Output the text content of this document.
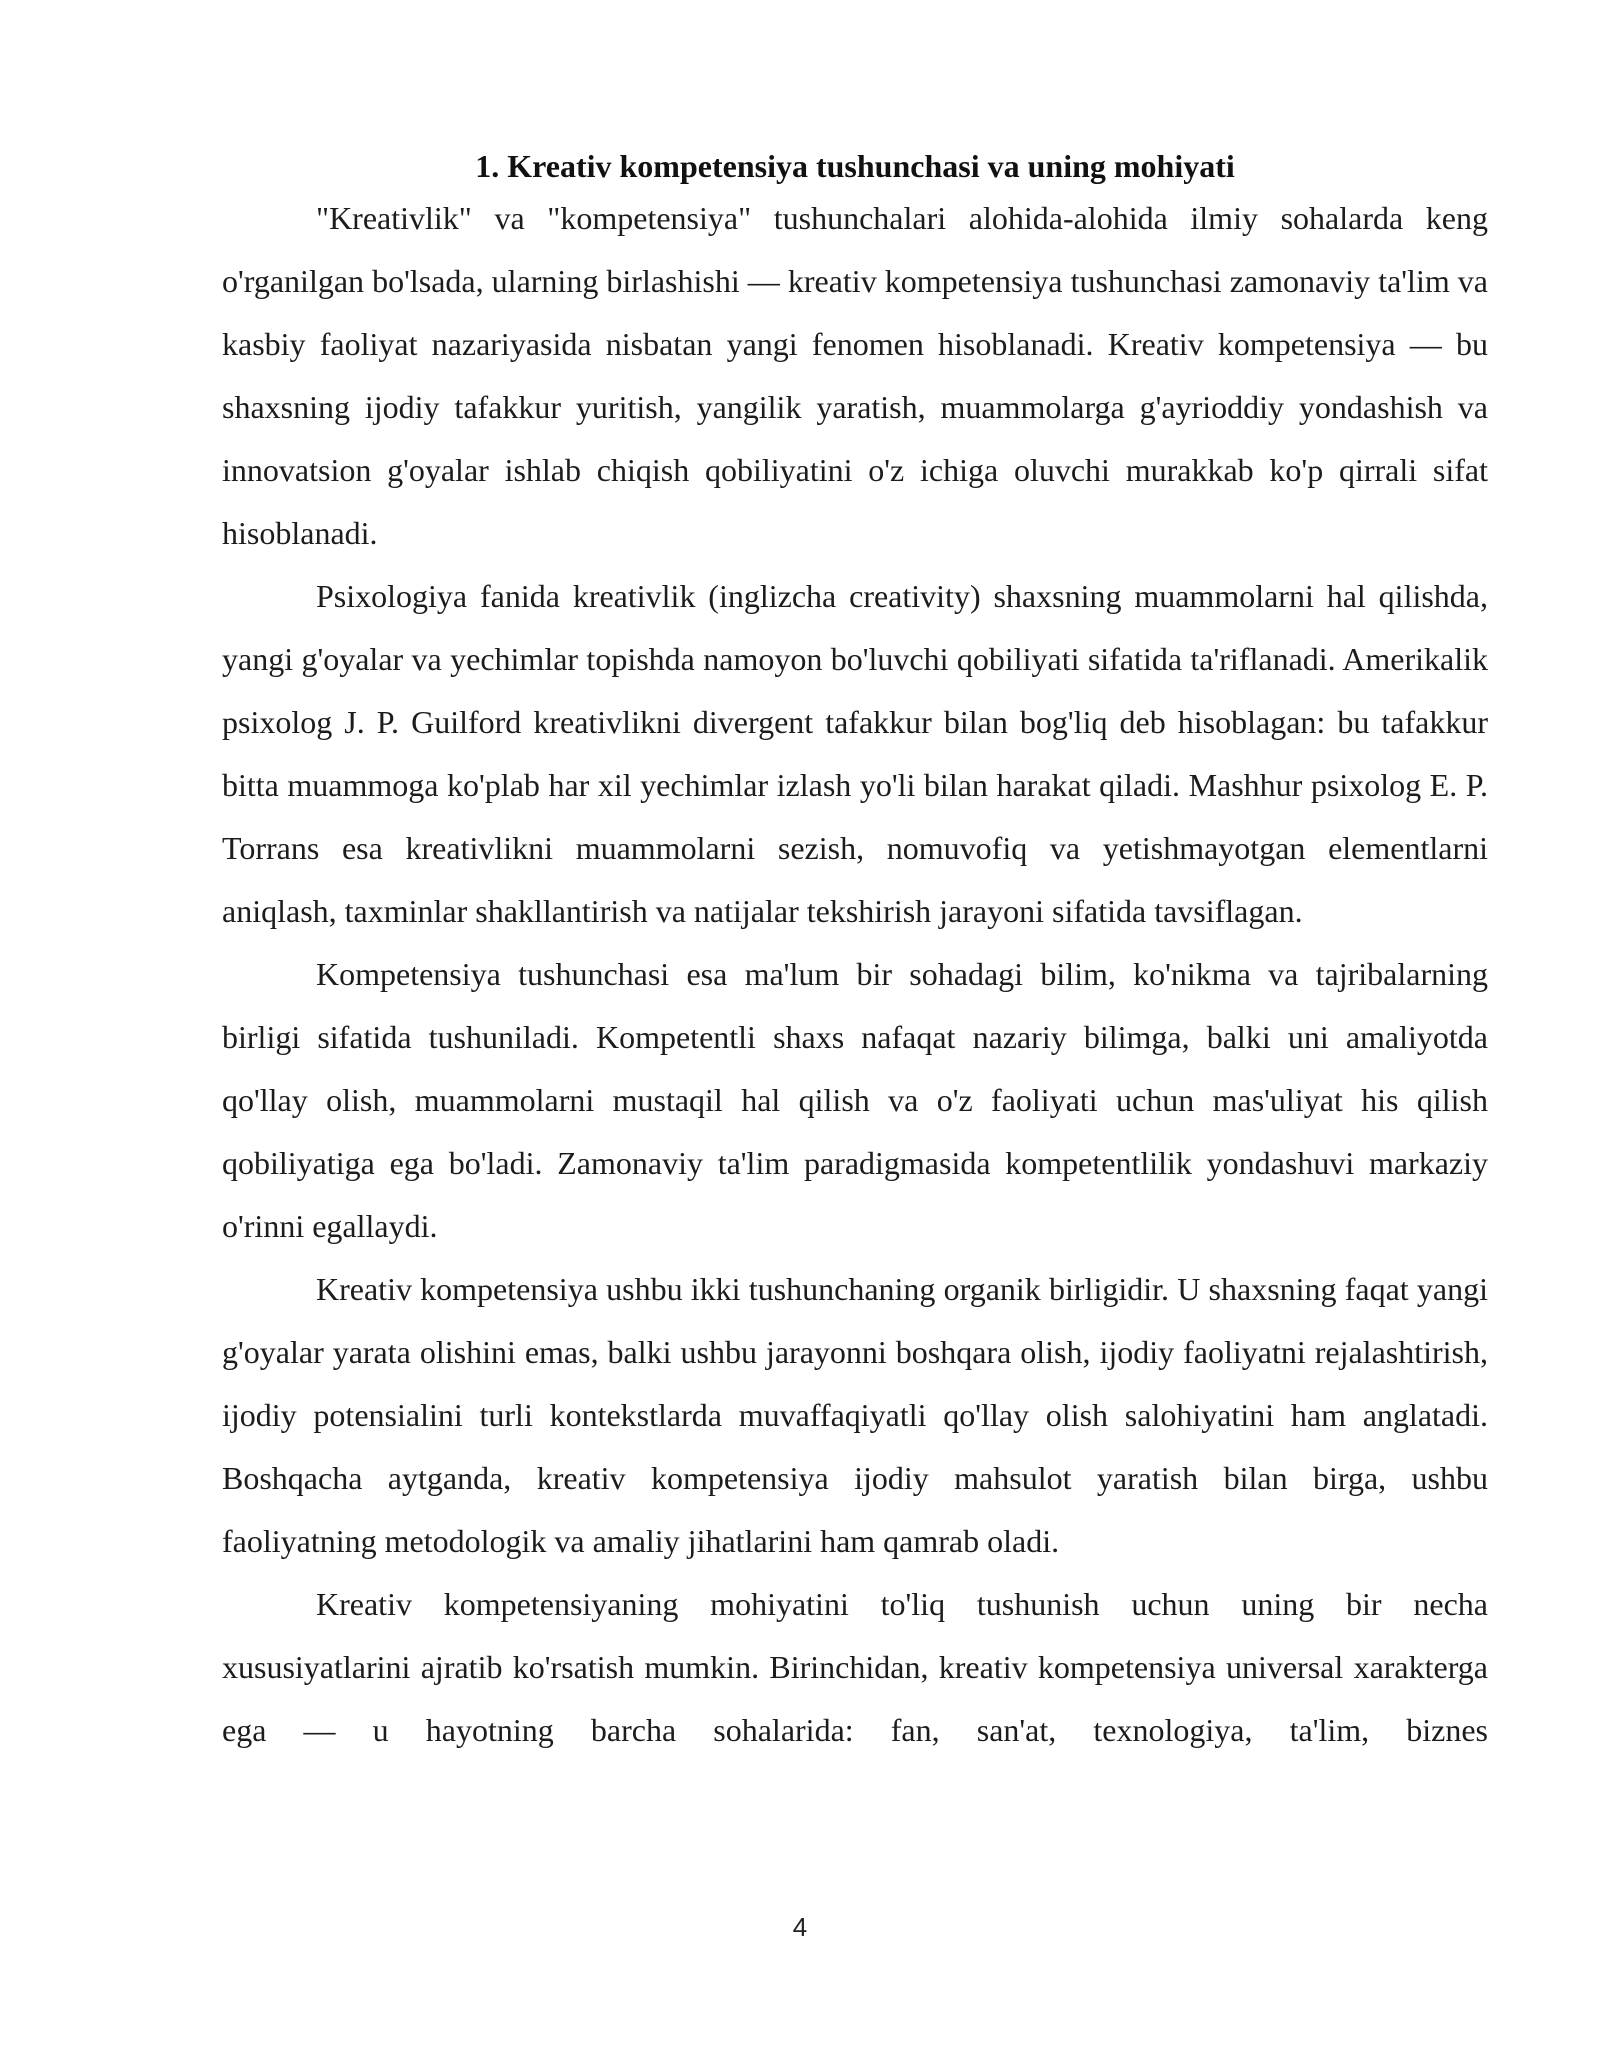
1. Kreativ kompetensiya tushunchasi va uning mohiyati

"Kreativlik" va "kompetensiya" tushunchalari alohida-alohida ilmiy sohalarda keng o'rganilgan bo'lsada, ularning birlashishi — kreativ kompetensiya tushunchasi zamonaviy ta'lim va kasbiy faoliyat nazariyasida nisbatan yangi fenomen hisoblanadi. Kreativ kompetensiya — bu shaxsning ijodiy tafakkur yuritish, yangilik yaratish, muammolarga g'ayrioddiy yondashish va innovatsion g'oyalar ishlab chiqish qobiliyatini o'z ichiga oluvchi murakkab ko'p qirrali sifat hisoblanadi.

Psixologiya fanida kreativlik (inglizcha creativity) shaxsning muammolarni hal qilishda, yangi g'oyalar va yechimlar topishda namoyon bo'luvchi qobiliyati sifatida ta'riflanadi. Amerikalik psixolog J. P. Guilford kreativlikni divergent tafakkur bilan bog'liq deb hisoblagan: bu tafakkur bitta muammoga ko'plab har xil yechimlar izlash yo'li bilan harakat qiladi. Mashhur psixolog E. P. Torrans esa kreativlikni muammolarni sezish, nomuvofiq va yetishmayotgan elementlarni aniqlash, taxminlar shakllantirish va natijalar tekshirish jarayoni sifatida tavsiflagan.

Kompetensiya tushunchasi esa ma'lum bir sohadagi bilim, ko'nikma va tajribalarning birligi sifatida tushuniladi. Kompetentli shaxs nafaqat nazariy bilimga, balki uni amaliyotda qo'llay olish, muammolarni mustaqil hal qilish va o'z faoliyati uchun mas'uliyat his qilish qobiliyatiga ega bo'ladi. Zamonaviy ta'lim paradigmasida kompetentlilik yondashuvi markaziy o'rinni egallaydi.

Kreativ kompetensiya ushbu ikki tushunchaning organik birligidir. U shaxsning faqat yangi g'oyalar yarata olishini emas, balki ushbu jarayonni boshqara olish, ijodiy faoliyatni rejalashtirish, ijodiy potensialini turli kontekstlarda muvaffaqiyatli qo'llay olish salohiyatini ham anglatadi. Boshqacha aytganda, kreativ kompetensiya ijodiy mahsulot yaratish bilan birga, ushbu faoliyatning metodologik va amaliy jihatlarini ham qamrab oladi.

Kreativ kompetensiyaning mohiyatini to'liq tushunish uchun uning bir necha xususiyatlarini ajratib ko'rsatish mumkin. Birinchidan, kreativ kompetensiya universal xarakterga ega — u hayotning barcha sohalarida: fan, san'at, texnologiya, ta'lim, biznes

4
